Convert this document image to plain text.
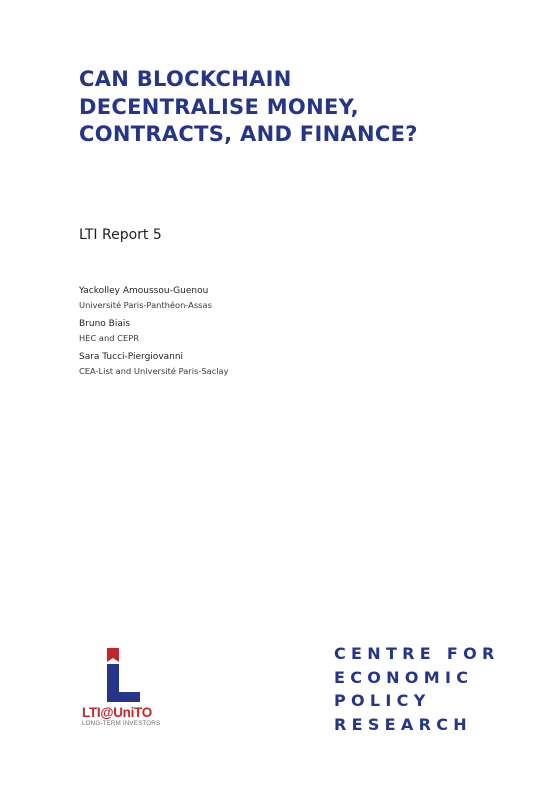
CAN BLOCKCHAIN
DECENTRALISE MONEY,
CONTRACTS, AND FINANCE?

LTI Report 5

Yackolley Amoussou-Guenou
Université Paris-Panthéon-Assas
Bruno Biais
HEC and CEPR
Sara Tucci-Piergiovanni
CEA-List and Université Paris-Saclay

LTI@UniTO

LONG-TERM INVESTORS

CENTRE FOR
ECONOMIC
POLICY
RESEARCH
